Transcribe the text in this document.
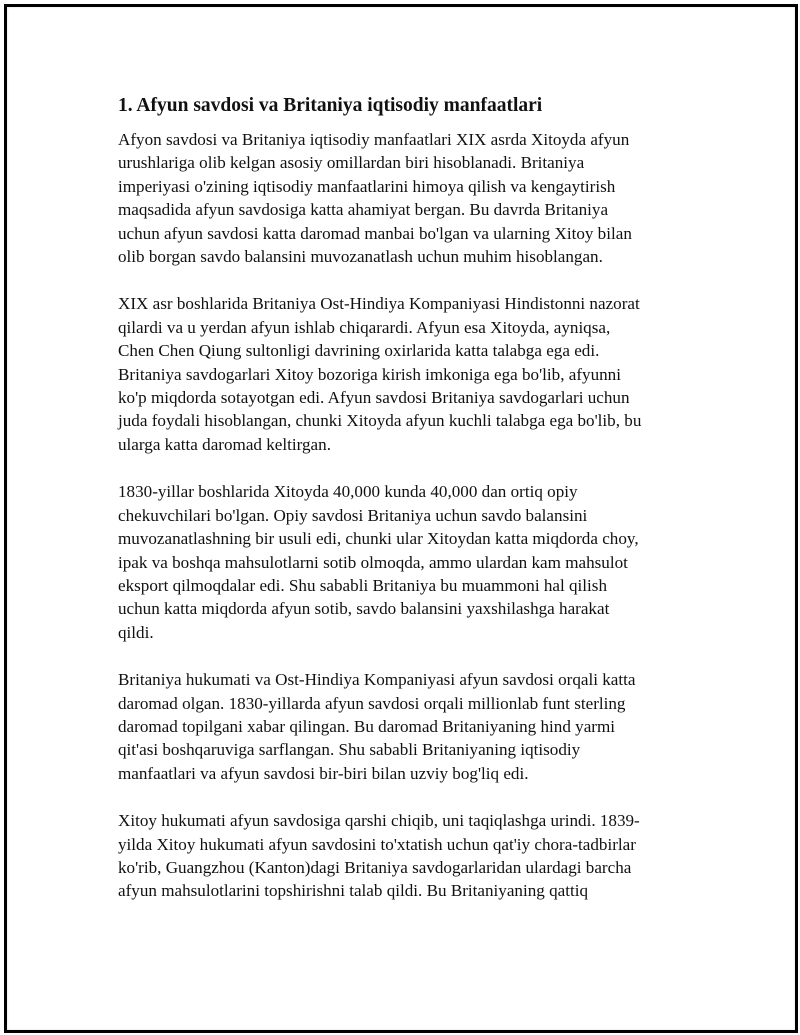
1. Afyun savdosi va Britaniya iqtisodiy manfaatlari

Afyon savdosi va Britaniya iqtisodiy manfaatlari XIX asrda Xitoyda afyun
urushlariga olib kelgan asosiy omillardan biri hisoblanadi. Britaniya
imperiyasi o'zining iqtisodiy manfaatlarini himoya qilish va kengaytirish
maqsadida afyun savdosiga katta ahamiyat bergan. Bu davrda Britaniya
uchun afyun savdosi katta daromad manbai bo'lgan va ularning Xitoy bilan
olib borgan savdo balansini muvozanatlash uchun muhim hisoblangan.

XIX asr boshlarida Britaniya Ost-Hindiya Kompaniyasi Hindistonni nazorat
qilardi va u yerdan afyun ishlab chiqarardi. Afyun esa Xitoyda, ayniqsa,
Chen Chen Qiung sultonligi davrining oxirlarida katta talabga ega edi.
Britaniya savdogarlari Xitoy bozoriga kirish imkoniga ega bo'lib, afyunni
ko'p miqdorda sotayotgan edi. Afyun savdosi Britaniya savdogarlari uchun
juda foydali hisoblangan, chunki Xitoyda afyun kuchli talabga ega bo'lib, bu
ularga katta daromad keltirgan.

1830-yillar boshlarida Xitoyda 40,000 kunda 40,000 dan ortiq opiy
chekuvchilari bo'lgan. Opiy savdosi Britaniya uchun savdo balansini
muvozanatlashning bir usuli edi, chunki ular Xitoydan katta miqdorda choy,
ipak va boshqa mahsulotlarni sotib olmoqda, ammo ulardan kam mahsulot
eksport qilmoqdalar edi. Shu sababli Britaniya bu muammoni hal qilish
uchun katta miqdorda afyun sotib, savdo balansini yaxshilashga harakat
qildi.

Britaniya hukumati va Ost-Hindiya Kompaniyasi afyun savdosi orqali katta
daromad olgan. 1830-yillarda afyun savdosi orqali millionlab funt sterling
daromad topilgani xabar qilingan. Bu daromad Britaniyaning hind yarmi
qit'asi boshqaruviga sarflangan. Shu sababli Britaniyaning iqtisodiy
manfaatlari va afyun savdosi bir-biri bilan uzviy bog'liq edi.

Xitoy hukumati afyun savdosiga qarshi chiqib, uni taqiqlashga urindi. 1839-
yilda Xitoy hukumati afyun savdosini to'xtatish uchun qat'iy chora-tadbirlar
ko'rib, Guangzhou (Kanton)dagi Britaniya savdogarlaridan ulardagi barcha
afyun mahsulotlarini topshirishni talab qildi. Bu Britaniyaning qattiq
